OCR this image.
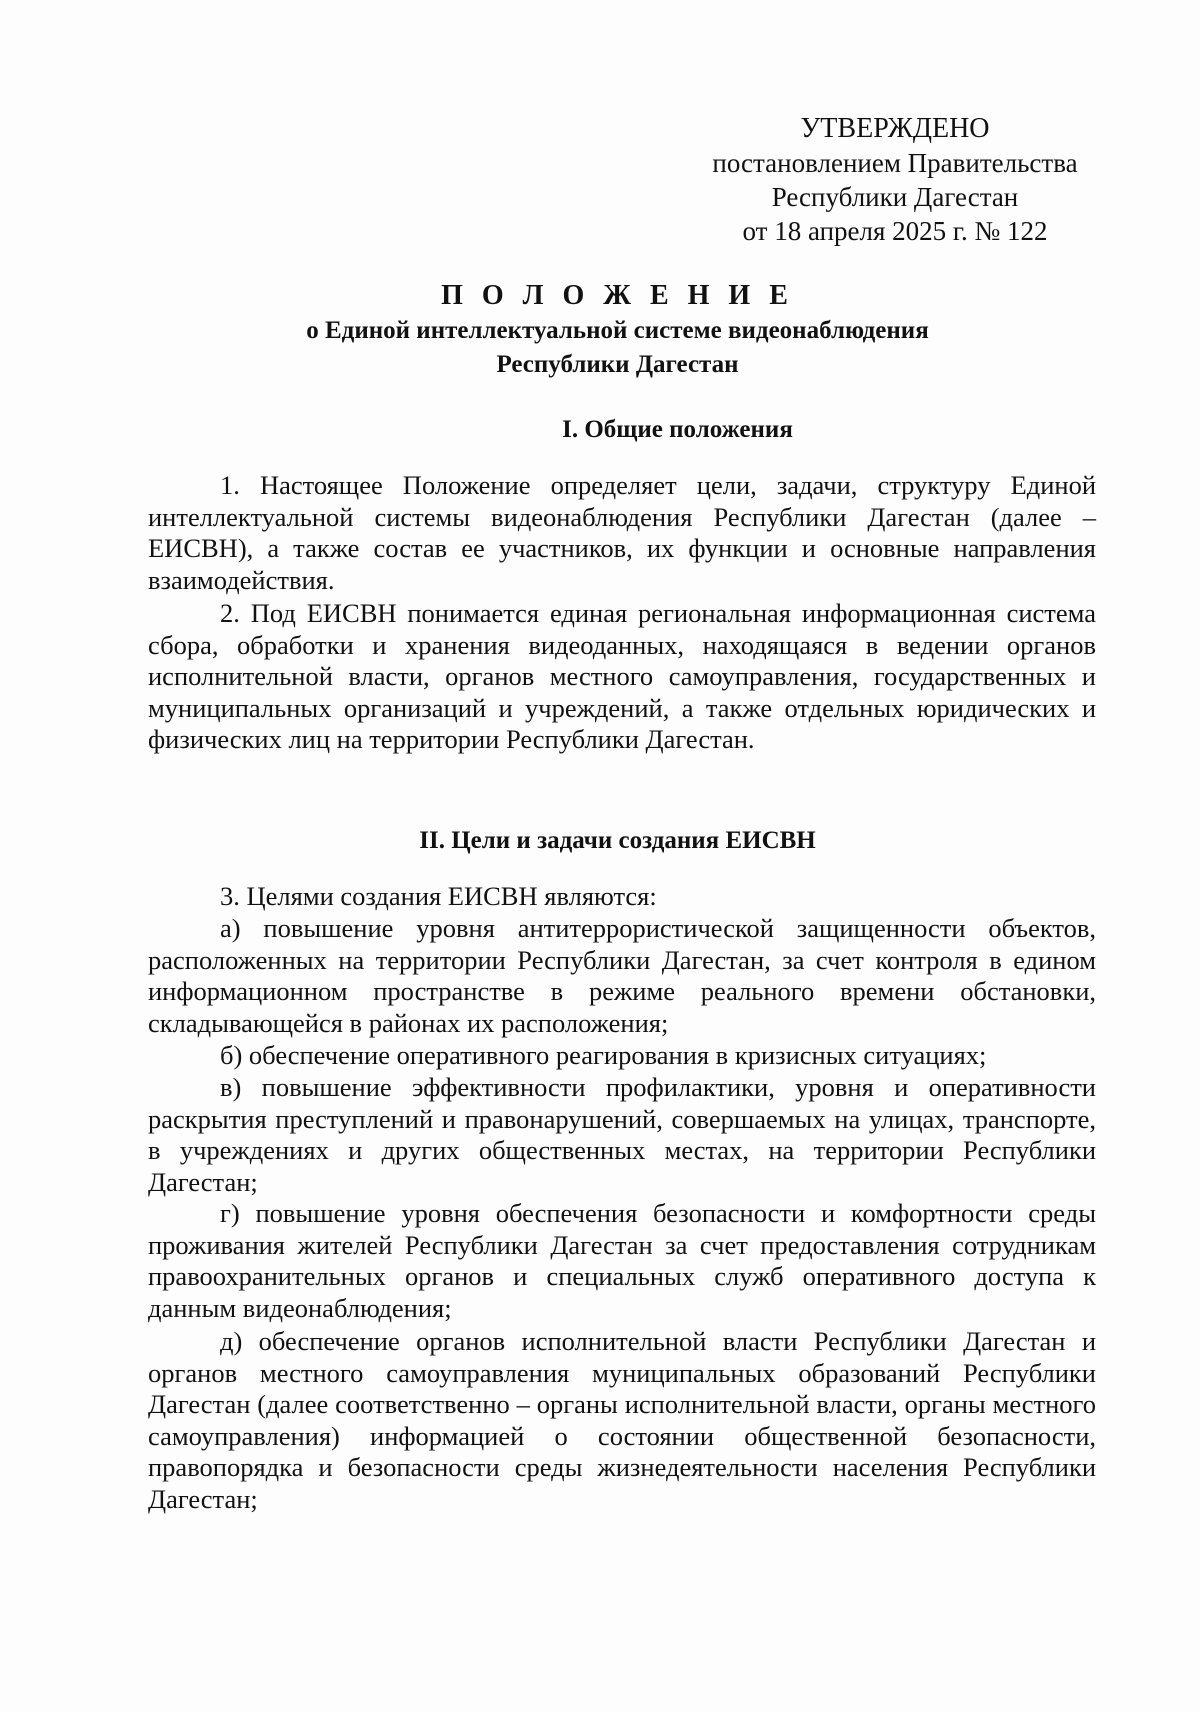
УТВЕРЖДЕНО
постановлением Правительства
Республики Дагестан
от 18 апреля 2025 г. № 122
П О Л О Ж Е Н И Е
о Единой интеллектуальной системе видеонаблюдения
Республики Дагестан
I. Общие положения

1. Настоящее Положение определяет цели, задачи, структуру Единой интеллектуальной системы видеонаблюдения Республики Дагестан (далее – ЕИСВН), а также состав ее участников, их функции и основные направления взаимодействия.

2. Под ЕИСВН понимается единая региональная информационная система сбора, обработки и хранения видеоданных, находящаяся в ведении органов исполнительной власти, органов местного самоуправления, государственных и муниципальных организаций и учреждений, а также отдельных юридических и физических лиц на территории Республики Дагестан.

II. Цели и задачи создания ЕИСВН

3. Целями создания ЕИСВН являются:

а) повышение уровня антитеррористической защищенности объектов, расположенных на территории Республики Дагестан, за счет контроля в едином информационном пространстве в режиме реального времени обстановки, складывающейся в районах их расположения;

б) обеспечение оперативного реагирования в кризисных ситуациях;

в) повышение эффективности профилактики, уровня и оперативности раскрытия преступлений и правонарушений, совершаемых на улицах, транспорте, в учреждениях и других общественных местах, на территории Республики Дагестан;

г) повышение уровня обеспечения безопасности и комфортности среды проживания жителей Республики Дагестан за счет предоставления сотрудникам правоохранительных органов и специальных служб оперативного доступа к данным видеонаблюдения;

д) обеспечение органов исполнительной власти Республики Дагестан и органов местного самоуправления муниципальных образований Республики Дагестан (далее соответственно – органы исполнительной власти, органы местного самоуправления) информацией о состоянии общественной безопасности, правопорядка и безопасности среды жизнедеятельности населения Республики Дагестан;
